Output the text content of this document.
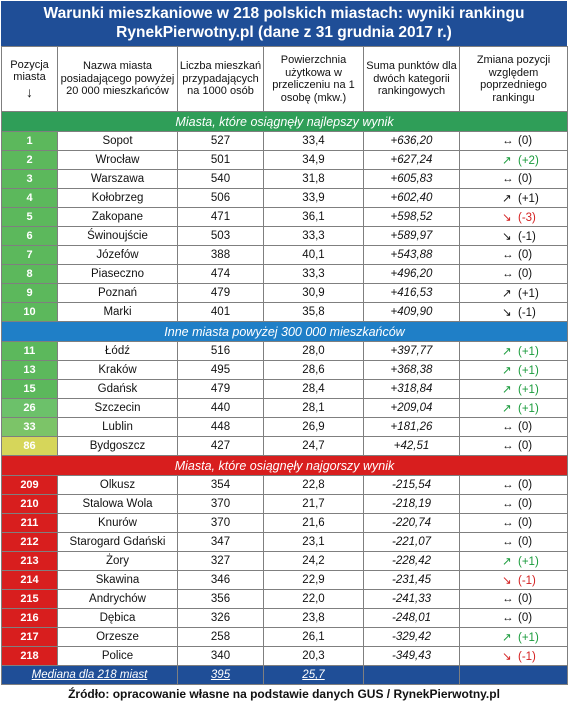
Warunki mieszkaniowe w 218 polskich miastach: wyniki rankingu
RynekPierwotny.pl (dane z 31 grudnia 2017 r.)
Pozycja miasta
↓	Nazwa miasta posiadającego powyżej 20 000 mieszkańców	Liczba mieszkań przypadających na 1000 osób	Powierzchnia użytkowa w przeliczeniu na 1 osobę (mkw.)	Suma punktów dla dwóch kategorii rankingowych	Zmiana pozycji względem poprzedniego rankingu
Miasta, które osiągnęły najlepszy wynik					
1	Sopot	527	33,4	+636,20	↔ (0)
2	Wrocław	501	34,9	+627,24	↗ (+2)
3	Warszawa	540	31,8	+605,83	↔ (0)
4	Kołobrzeg	506	33,9	+602,40	↗ (+1)
5	Zakopane	471	36,1	+598,52	↘ (-3)
6	Świnoujście	503	33,3	+589,97	↘ (-1)
7	Józefów	388	40,1	+543,88	↔ (0)
8	Piaseczno	474	33,3	+496,20	↔ (0)
9	Poznań	479	30,9	+416,53	↗ (+1)
10	Marki	401	35,8	+409,90	↘ (-1)
Inne miasta powyżej 300 000 mieszkańców					
11	Łódź	516	28,0	+397,77	↗ (+1)
13	Kraków	495	28,6	+368,38	↗ (+1)
15	Gdańsk	479	28,4	+318,84	↗ (+1)
26	Szczecin	440	28,1	+209,04	↗ (+1)
33	Lublin	448	26,9	+181,26	↔ (0)
86	Bydgoszcz	427	24,7	+42,51	↔ (0)
Miasta, które osiągnęły najgorszy wynik					
209	Olkusz	354	22,8	-215,54	↔ (0)
210	Stalowa Wola	370	21,7	-218,19	↔ (0)
211	Knurów	370	21,6	-220,74	↔ (0)
212	Starogard Gdański	347	23,1	-221,07	↔ (0)
213	Żory	327	24,2	-228,42	↗ (+1)
214	Skawina	346	22,9	-231,45	↘ (-1)
215	Andrychów	356	22,0	-241,33	↔ (0)
216	Dębica	326	23,8	-248,01	↔ (0)
217	Orzesze	258	26,1	-329,42	↗ (+1)
218	Police	340	20,3	-349,43	↘ (-1)
Mediana dla 218 miast		395	25,7		
Źródło: opracowanie własne na podstawie danych GUS / RynekPierwotny.pl
